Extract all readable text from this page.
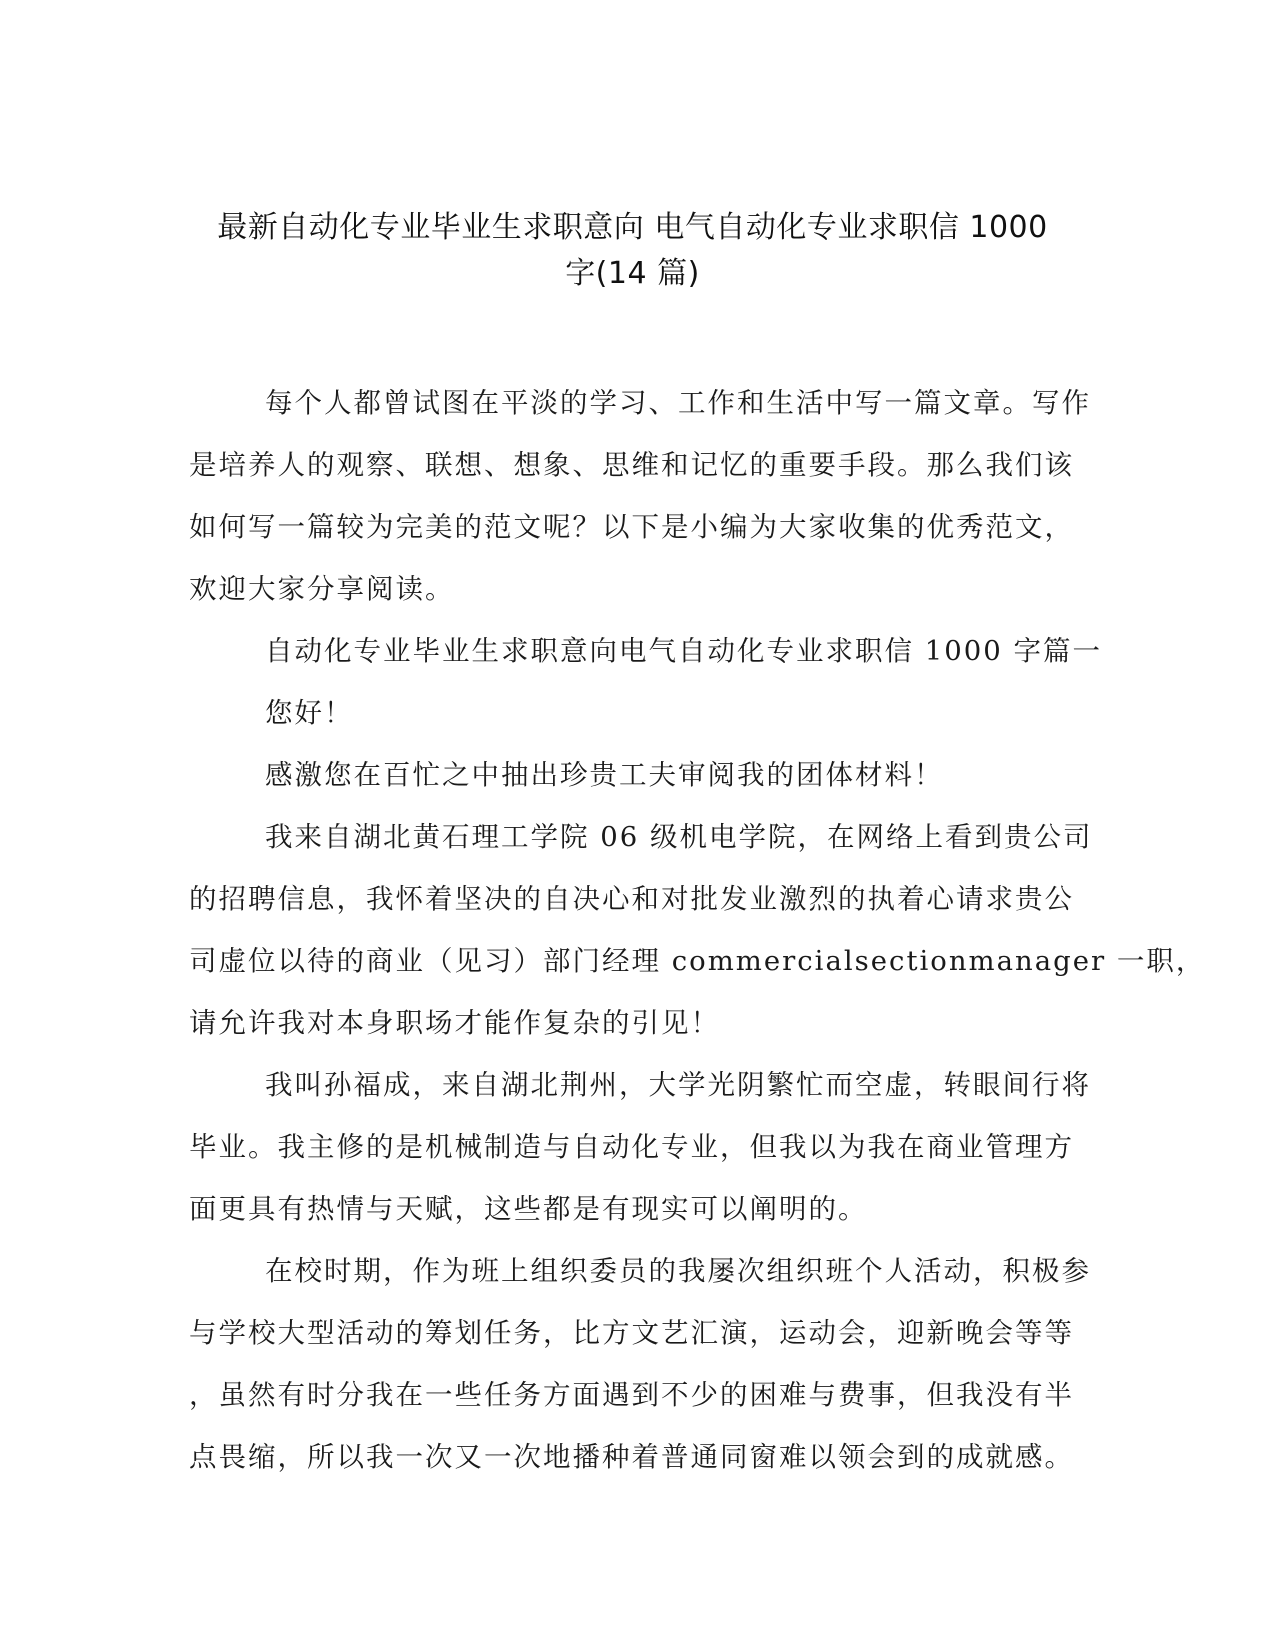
最新自动化专业毕业生求职意向 电气自动化专业求职信 1000
字(14 篇)
每个人都曾试图在平淡的学习、工作和生活中写一篇文章。写作
是培养人的观察、联想、想象、思维和记忆的重要手段。那么我们该
如何写一篇较为完美的范文呢？以下是小编为大家收集的优秀范文，
欢迎大家分享阅读。
自动化专业毕业生求职意向电气自动化专业求职信 1000 字篇一
您好！
感激您在百忙之中抽出珍贵工夫审阅我的团体材料！
我来自湖北黄石理工学院 06 级机电学院，在网络上看到贵公司
的招聘信息，我怀着坚决的自决心和对批发业激烈的执着心请求贵公
司虚位以待的商业（见习）部门经理 commercialsectionmanager 一职，
请允许我对本身职场才能作复杂的引见！
我叫孙福成，来自湖北荆州，大学光阴繁忙而空虚，转眼间行将
毕业。我主修的是机械制造与自动化专业，但我以为我在商业管理方
面更具有热情与天赋，这些都是有现实可以阐明的。
在校时期，作为班上组织委员的我屡次组织班个人活动，积极参
与学校大型活动的筹划任务，比方文艺汇演，运动会，迎新晚会等等
，虽然有时分我在一些任务方面遇到不少的困难与费事，但我没有半
点畏缩，所以我一次又一次地播种着普通同窗难以领会到的成就感。
